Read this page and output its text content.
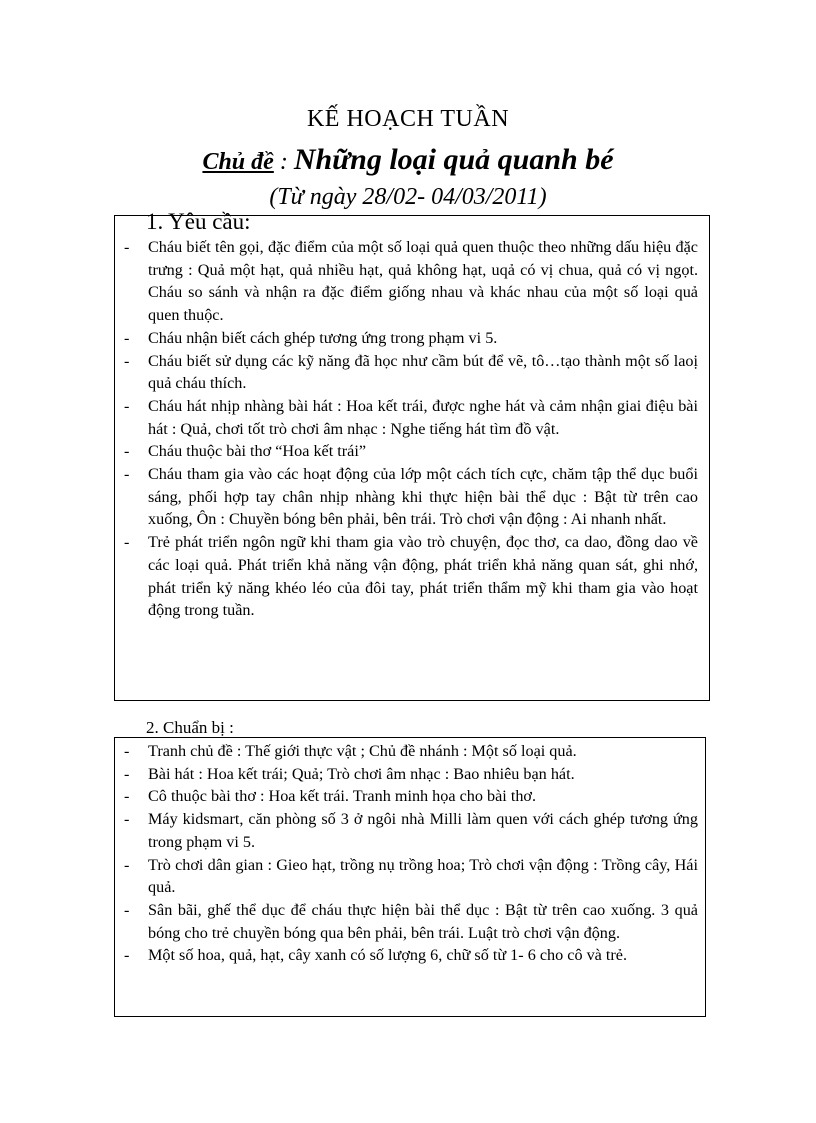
KẾ HOẠCH TUẦN
Chủ đề : Những loại quả quanh bé
(Từ ngày 28/02- 04/03/2011)
1. Yêu cầu:
- Cháu biết tên gọi, đặc điểm của một số loại quả quen thuộc theo những dấu hiệu đặc trưng : Quả một hạt, quả nhiều hạt, quả không hạt, uqả có vị chua, quả có vị ngọt. Cháu so sánh và nhận ra đặc điểm giống nhau và khác nhau của một số loại quả quen thuộc.
- Cháu nhận biết cách ghép tương ứng trong phạm vi 5.
- Cháu biết sử dụng các kỹ năng đã học như cầm bút để vẽ, tô…tạo thành một số laoị quả cháu thích.
- Cháu hát nhịp nhàng bài hát : Hoa kết trái, được nghe hát và cảm nhận giai điệu bài hát : Quả, chơi tốt trò chơi âm nhạc : Nghe tiếng hát tìm đồ vật.
- Cháu thuộc bài thơ “Hoa kết trái”
- Cháu tham gia vào các hoạt động của lớp một cách tích cực, chăm tập thể dục buổi sáng, phối hợp tay chân nhịp nhàng khi thực hiện bài thể dục : Bật từ trên cao xuống, Ôn : Chuyền bóng bên phải, bên trái. Trò chơi vận động : Ai nhanh nhất.
- Trẻ phát triển ngôn ngữ khi tham gia vào trò chuyện, đọc thơ, ca dao, đồng dao về các loại quả. Phát triển khả năng vận động, phát triển khả năng quan sát, ghi nhớ, phát triển kỷ năng khéo léo của đôi tay, phát triển thẩm mỹ khi tham gia vào hoạt động trong tuần.
2. Chuẩn bị :
- Tranh chủ đề : Thế giới thực vật ; Chủ đề nhánh : Một số loại quả.
- Bài hát : Hoa kết trái; Quả; Trò chơi âm nhạc : Bao nhiêu bạn hát.
- Cô thuộc bài thơ : Hoa kết trái. Tranh minh họa cho bài thơ.
- Máy kidsmart, căn phòng số 3 ở ngôi nhà Milli làm quen với cách ghép tương ứng trong phạm vi 5.
- Trò chơi dân gian : Gieo hạt, trồng nụ trồng hoa; Trò chơi vận động : Trồng cây, Hái quả.
- Sân bãi, ghế thể dục để cháu thực hiện bài thể dục : Bật từ trên cao xuống. 3 quả bóng cho trẻ chuyền bóng qua bên phải, bên trái. Luật trò chơi vận động.
- Một số hoa, quả, hạt, cây xanh có số lượng 6, chữ số từ 1- 6 cho cô và trẻ.
